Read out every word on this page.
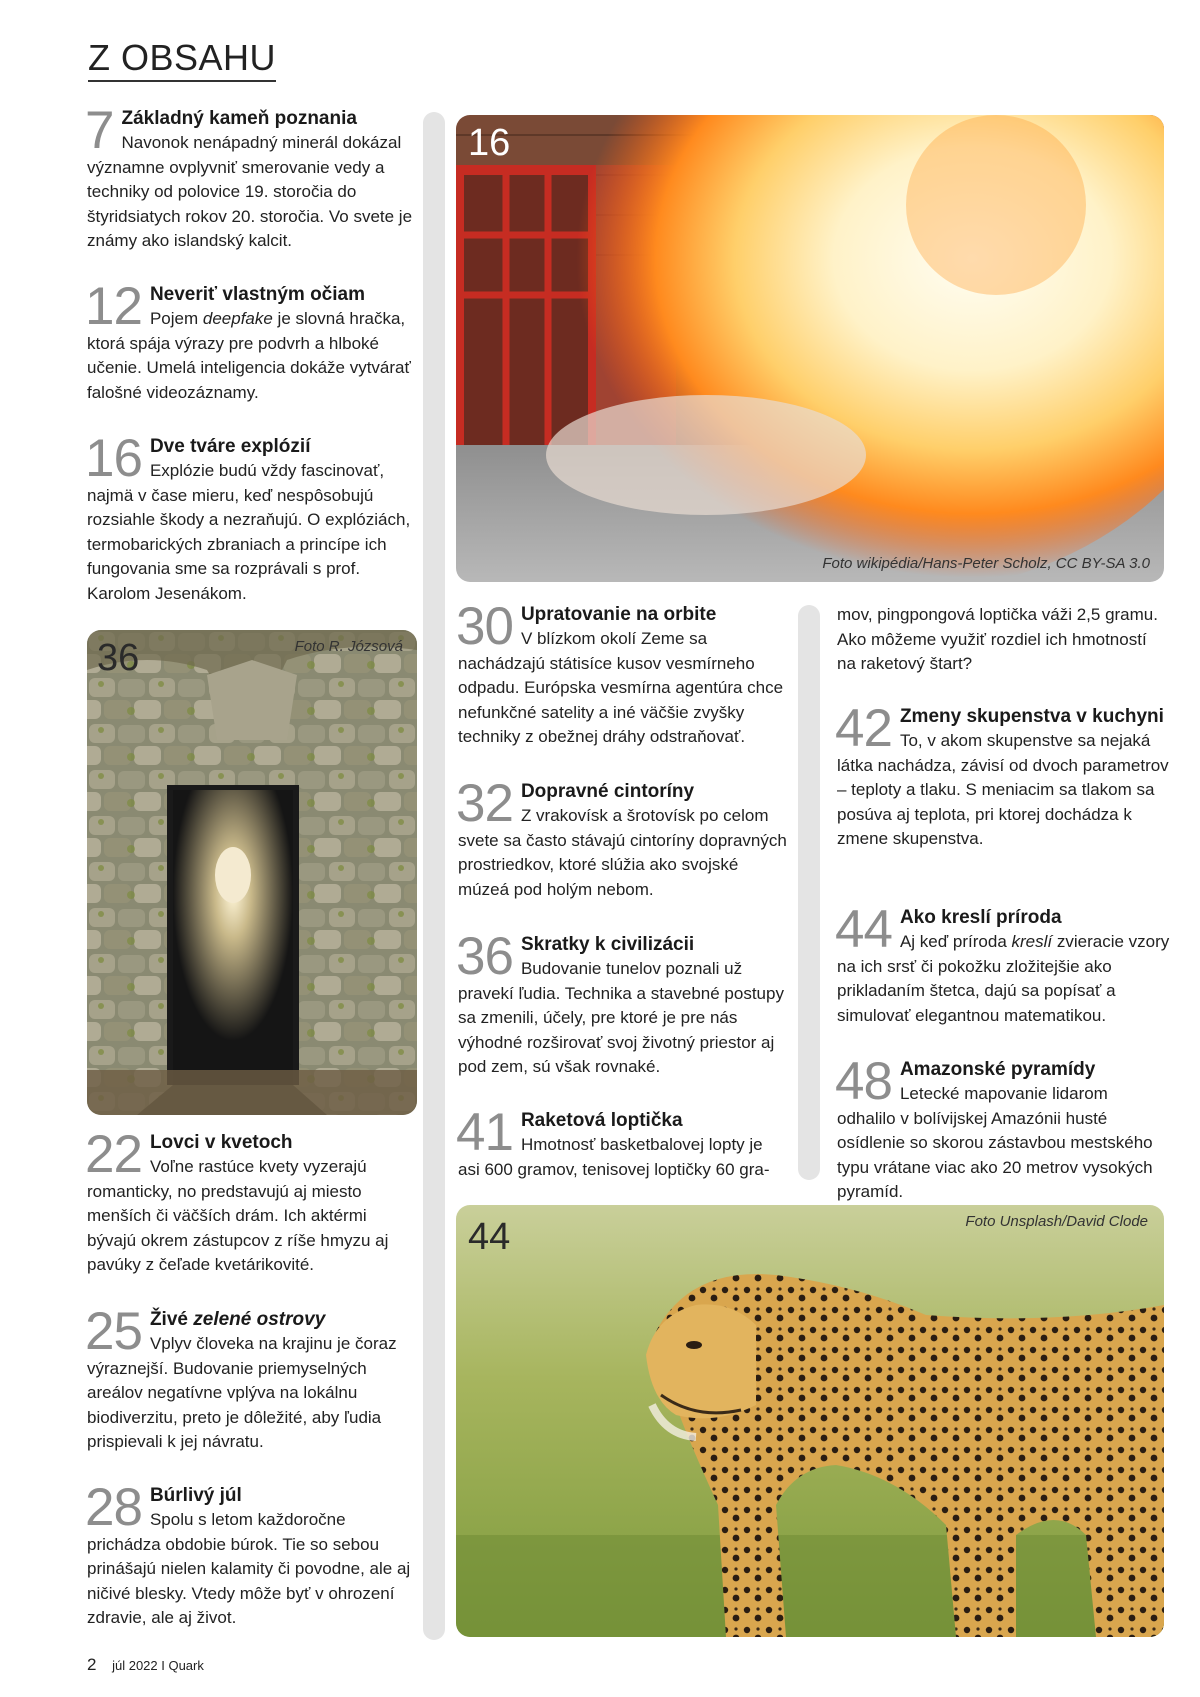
Z OBSAHU
7 Základný kameň poznania
Navonok nenápadný minerál dokázal významne ovplyvniť smerovanie vedy a techniky od polovice 19. storočia do štyridsiatych rokov 20. storočia. Vo svete je známy ako islandský kalcit.
12 Neveriť vlastným očiam
Pojem deepfake je slovná hračka, ktorá spája výrazy pre podvrh a hlboké učenie. Umelá inteligencia dokáže vytvárať falošné videozáznamy.
16 Dve tváre explózií
Explózie budú vždy fascinovať, najmä v čase mieru, keď nespôsobujú rozsiahle škody a nezraňujú. O explóziách, termobarických zbraniach a princípe ich fungovania sme sa rozprávali s prof. Karolom Jesenákom.
22 Lovci v kvetoch
Voľne rastúce kvety vyzerajú romanticky, no predstavujú aj miesto menších či väčších drám. Ich aktérmi bývajú okrem zástupcov z ríše hmyzu aj pavúky z čeľade kvetárikovité.
25 Živé zelené ostrovy
Vplyv človeka na krajinu je čoraz výraznejší. Budovanie priemyselných areálov negatívne vplýva na lokálnu biodiverzitu, preto je dôležité, aby ľudia prispievali k jej návratu.
28 Búrlivý júl
Spolu s letom každoročne prichádza obdobie búrok. Tie so sebou prinášajú nielen kalamity či povodne, ale aj ničivé blesky. Vtedy môže byť v ohrození zdravie, ale aj život.
36	Foto R. Józsová
16
Foto wikipédia/Hans-Peter Scholz, CC BY-SA 3.0
30 Upratovanie na orbite
V blízkom okolí Zeme sa nachádzajú státisíce kusov vesmírneho odpadu. Európska vesmírna agentúra chce nefunkčné satelity a iné väčšie zvyšky techniky z obežnej dráhy odstraňovať.
32 Dopravné cintoríny
Z vrakovísk a šrotovísk po celom svete sa často stávajú cintoríny dopravných prostriedkov, ktoré slúžia ako svojské múzeá pod holým nebom.
36 Skratky k civilizácii
Budovanie tunelov poznali už pravekí ľudia. Technika a stavebné postupy sa zmenili, účely, pre ktoré je pre nás výhodné rozširovať svoj životný priestor aj pod zem, sú však rovnaké.
41 Raketová loptička
Hmotnosť basketbalovej lopty je asi 600 gramov, tenisovej loptičky 60 gra-
mov, pingpongová loptička váži 2,5 gramu. Ako môžeme využiť rozdiel ich hmotností na raketový štart?
42 Zmeny skupenstva v kuchyni
To, v akom skupenstve sa nejaká látka nachádza, závisí od dvoch parametrov – teploty a tlaku. S meniacim sa tlakom sa posúva aj teplota, pri ktorej dochádza k zmene skupenstva.
44 Ako kreslí príroda
Aj keď príroda kreslí zvieracie vzory na ich srsť či pokožku zložitejšie ako prikladaním štetca, dajú sa popísať a simulovať elegantnou matematikou.
48 Amazonské pyramídy
Letecké mapovanie lidarom odhalilo v bolívijskej Amazónii husté osídlenie so skorou zástavbou mestského typu vrátane viac ako 20 metrov vysokých pyramíd.
44	Foto Unsplash/David Clode
2 júl 2022 I Quark
